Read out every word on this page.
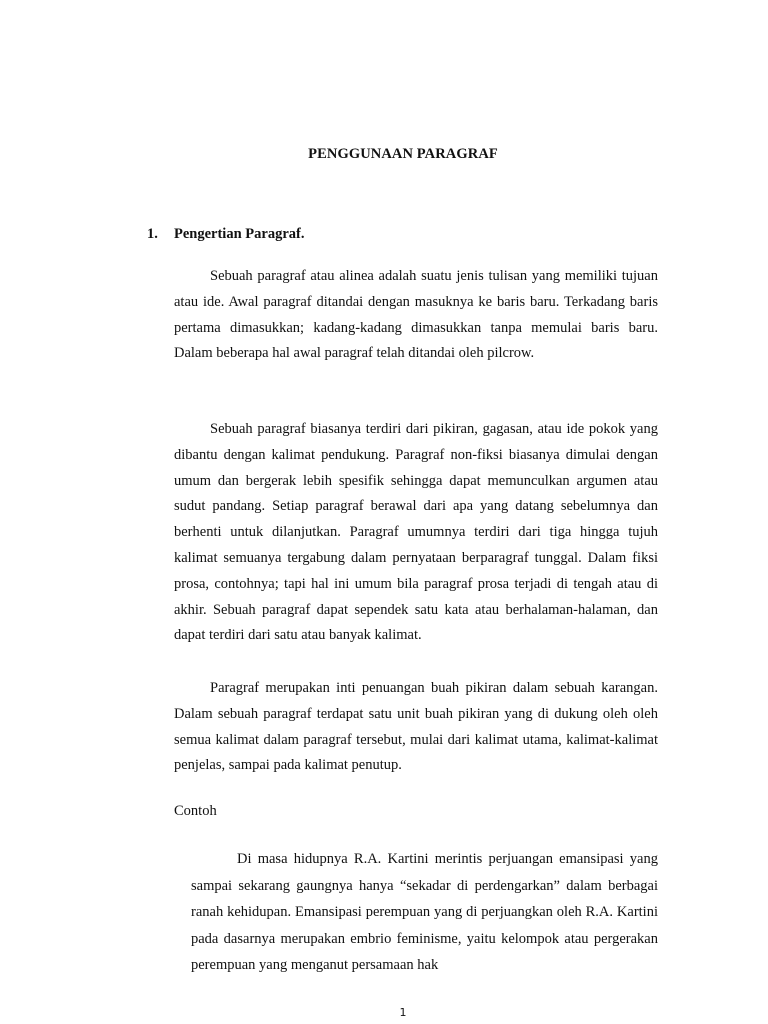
PENGGUNAAN PARAGRAF
1. Pengertian Paragraf.

Sebuah paragraf atau alinea adalah suatu jenis tulisan yang memiliki tujuan atau ide. Awal paragraf ditandai dengan masuknya ke baris baru. Terkadang baris pertama dimasukkan; kadang-kadang dimasukkan tanpa memulai baris baru. Dalam beberapa hal awal paragraf telah ditandai oleh pilcrow.

Sebuah paragraf biasanya terdiri dari pikiran, gagasan, atau ide pokok yang dibantu dengan kalimat pendukung. Paragraf non-fiksi biasanya dimulai dengan umum dan bergerak lebih spesifik sehingga dapat memunculkan argumen atau sudut pandang. Setiap paragraf berawal dari apa yang datang sebelumnya dan berhenti untuk dilanjutkan. Paragraf umumnya terdiri dari tiga hingga tujuh kalimat semuanya tergabung dalam pernyataan berparagraf tunggal. Dalam fiksi prosa, contohnya; tapi hal ini umum bila paragraf prosa terjadi di tengah atau di akhir. Sebuah paragraf dapat sependek satu kata atau berhalaman-halaman, dan dapat terdiri dari satu atau banyak kalimat.

Paragraf merupakan inti penuangan buah pikiran dalam sebuah karangan. Dalam sebuah paragraf terdapat satu unit buah pikiran yang di dukung oleh oleh semua kalimat dalam paragraf tersebut, mulai dari kalimat utama, kalimat-kalimat penjelas, sampai pada kalimat penutup.

Contoh

Di masa hidupnya R.A. Kartini merintis perjuangan emansipasi yang sampai sekarang gaungnya hanya “sekadar di perdengarkan” dalam berbagai ranah kehidupan. Emansipasi perempuan yang di perjuangkan oleh R.A. Kartini pada dasarnya merupakan embrio feminisme, yaitu kelompok atau pergerakan perempuan yang menganut persamaan hak

1
